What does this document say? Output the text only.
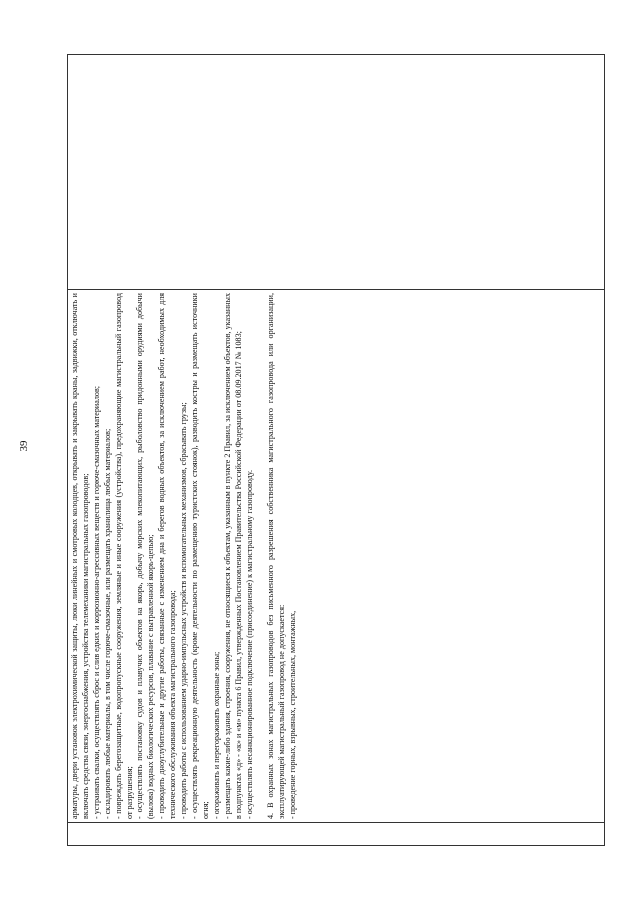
39	арматуры, двери установок электрохимической защиты, люки линейных и смотровых колодцев, открывать и закрывать краны, задвижки, отключать и включать средства связи, энергоснабжения, устройства телемеханики магистральных газопроводов; - устраивать свалки, осуществлять сброс и слив едких и коррозионно-агрессивных веществ и горюче-смазочных материалов; - складировать любые материалы, в том числе горюче-смазочные, или размещать хранилища любых материалов; - повреждать берегозащитные, водопропускные сооружения, земляные и иные сооружения (устройства), предохраняющие магистральный газопровод от разрушения; - осуществлять постановку судов и плавучих объектов на якорь, добычу морских млекопитающих, рыболовство придонными орудиями добычи (вылова) водных биологических ресурсов, плавание с вытравленной якорь-цепью; - проводить дноуглубительные и другие работы, связанные с изменением дна и берегов водных объектов, за исключением работ, необходимых для технического обслуживания объекта магистрального газопровода; - проводить работы с использованием ударно-импульсных устройств и вспомогательных механизмов, сбрасывать грузы; - осуществлять рекреационную деятельность (кроме деятельности по размещению туристских стоянок), разводить костры и размещать источники огня; - огораживать и перегораживать охранные зоны; - размещать какие-либо здания, строения, сооружения, не относящиеся к объектам, указанным в пункте 2 Правил, за исключением объектов, указанных в подпунктах «д» - «к» и «м» пункта 6 Правил, утвержденных Постановлением Правительства Российской Федерации от 08.09.2017 № 1083; - осуществлять несанкционированное подключение (присоединение) к магистральному газопроводу. 4. В охранных зонах магистральных газопроводов без письменного разрешения собственника магистрального газопровода или организации, эксплуатирующей магистральный газопровод не допускается: - проведение горных, взрывных, строительных, монтажных,
